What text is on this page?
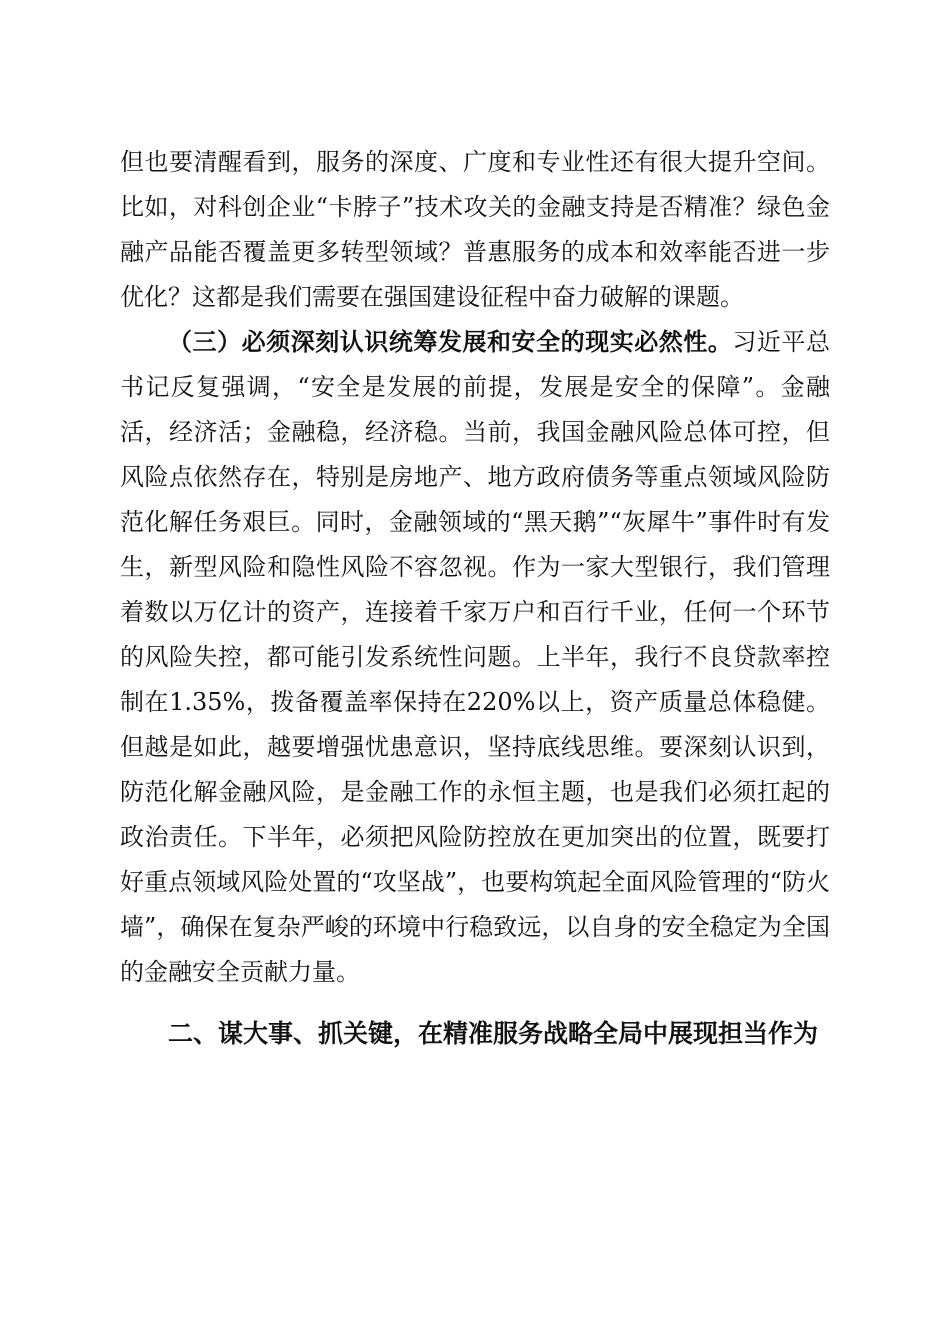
但也要清醒看到，服务的深度、广度和专业性还有很大提升空间。比如，对科创企业“卡脖子”技术攻关的金融支持是否精准？绿色金融产品能否覆盖更多转型领域？普惠服务的成本和效率能否进一步优化？这都是我们需要在强国建设征程中奋力破解的课题。

（三）必须深刻认识统筹发展和安全的现实必然性。习近平总书记反复强调，“安全是发展的前提，发展是安全的保障”。金融活，经济活；金融稳，经济稳。当前，我国金融风险总体可控，但风险点依然存在，特别是房地产、地方政府债务等重点领域风险防范化解任务艰巨。同时，金融领域的“黑天鹅”“灰犀牛”事件时有发生，新型风险和隐性风险不容忽视。作为一家大型银行，我们管理着数以万亿计的资产，连接着千家万户和百行千业，任何一个环节的风险失控，都可能引发系统性问题。上半年，我行不良贷款率控制在1.35%，拨备覆盖率保持在220%以上，资产质量总体稳健。但越是如此，越要增强忧患意识，坚持底线思维。要深刻认识到，防范化解金融风险，是金融工作的永恒主题，也是我们必须扛起的政治责任。下半年，必须把风险防控放在更加突出的位置，既要打好重点领域风险处置的“攻坚战”，也要构筑起全面风险管理的“防火墙”，确保在复杂严峻的环境中行稳致远，以自身的安全稳定为全国的金融安全贡献力量。

二、谋大事、抓关键，在精准服务战略全局中展现担当作为
